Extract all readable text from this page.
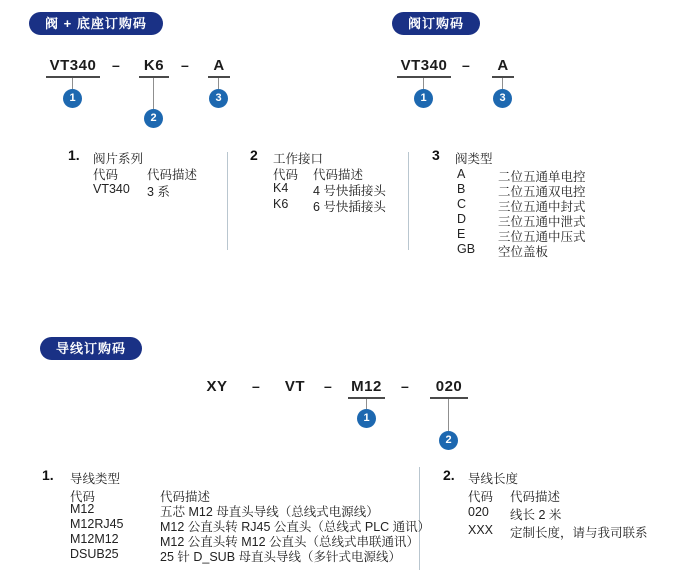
阀 + 底座订购码
VT340 –	K6	–	A
1
2
3
阀订购码
VT340 –	A
1	3
1. 阀片系列
代码 代码描述
VT340 3 系
2 工作接口
代码 代码描述
K4 4 号快插接头
K6 6 号快插接头
3 阀类型
A	二位五通单电控
B	二位五通双电控
C	三位五通中封式
D	三位五通中泄式
E	三位五通中压式
GB 空位盖板
导线订购码
XY – VT – M12 –	020
1
2
1. 导线类型
代码	代码描述
M12	五芯 M12 母直头导线（总线式电源线）
M12RJ45	M12 公直头转 RJ45 公直头（总线式 PLC 通讯）
M12M12	M12 公直头转 M12 公直头（总线式串联通讯）
DSUB25	25 针 D_SUB 母直头导线（多针式电源线）
2. 导线长度
代码 代码描述
020 线长 2 米
XXX 定制长度，请与我司联系
